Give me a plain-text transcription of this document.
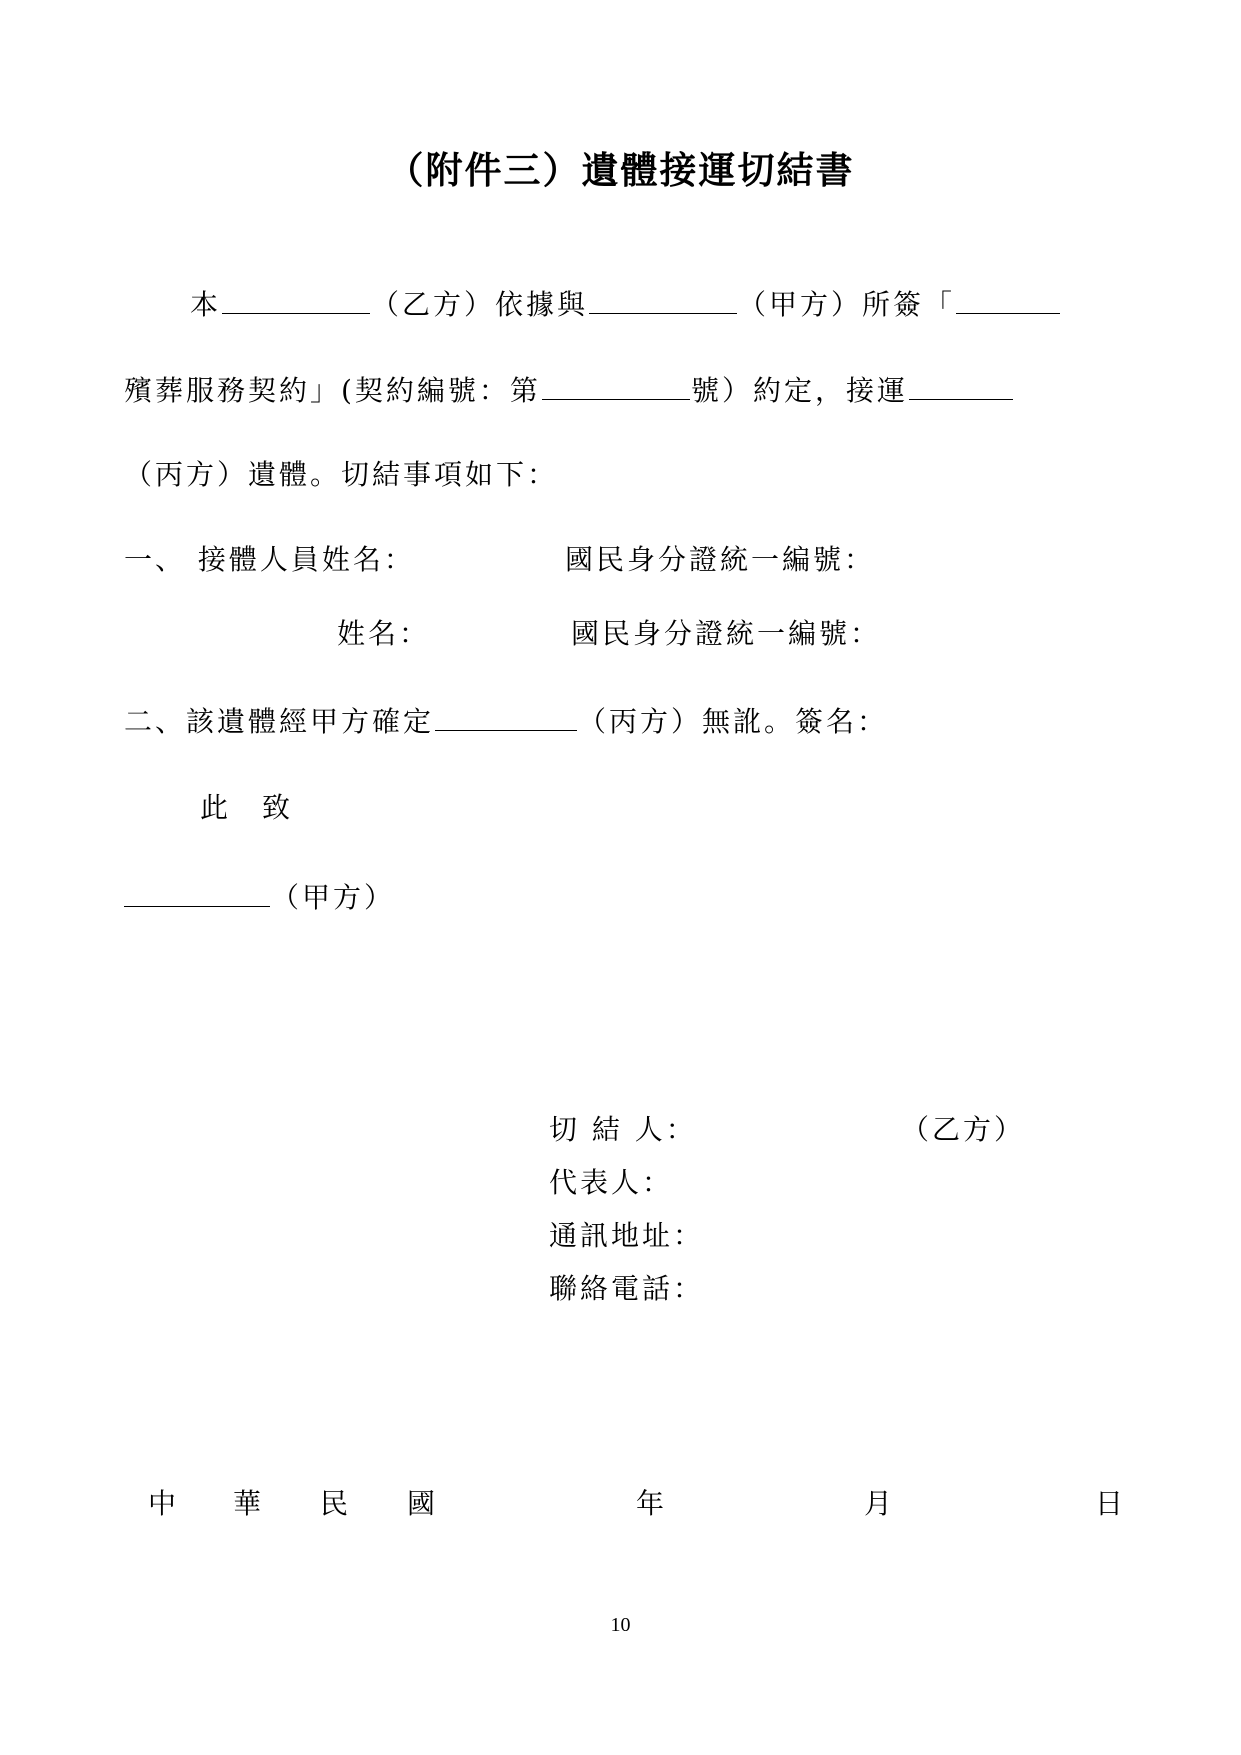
（附件三）遺體接運切結書
本	（乙方）依據與	（甲方）所簽「
殯葬服務契約」(契約編號：第	號）約定，接運
（丙方）遺體。切結事項如下：
一、 接體人員姓名：	國民身分證統一編號：
姓名：	國民身分證統一編號：
二、該遺體經甲方確定	（丙方）無訛。簽名：
此　致
（甲方）
切 結 人：	（乙方）
代表人：
通訊地址：
聯絡電話：
中 華 民 國	年	月	日
10
